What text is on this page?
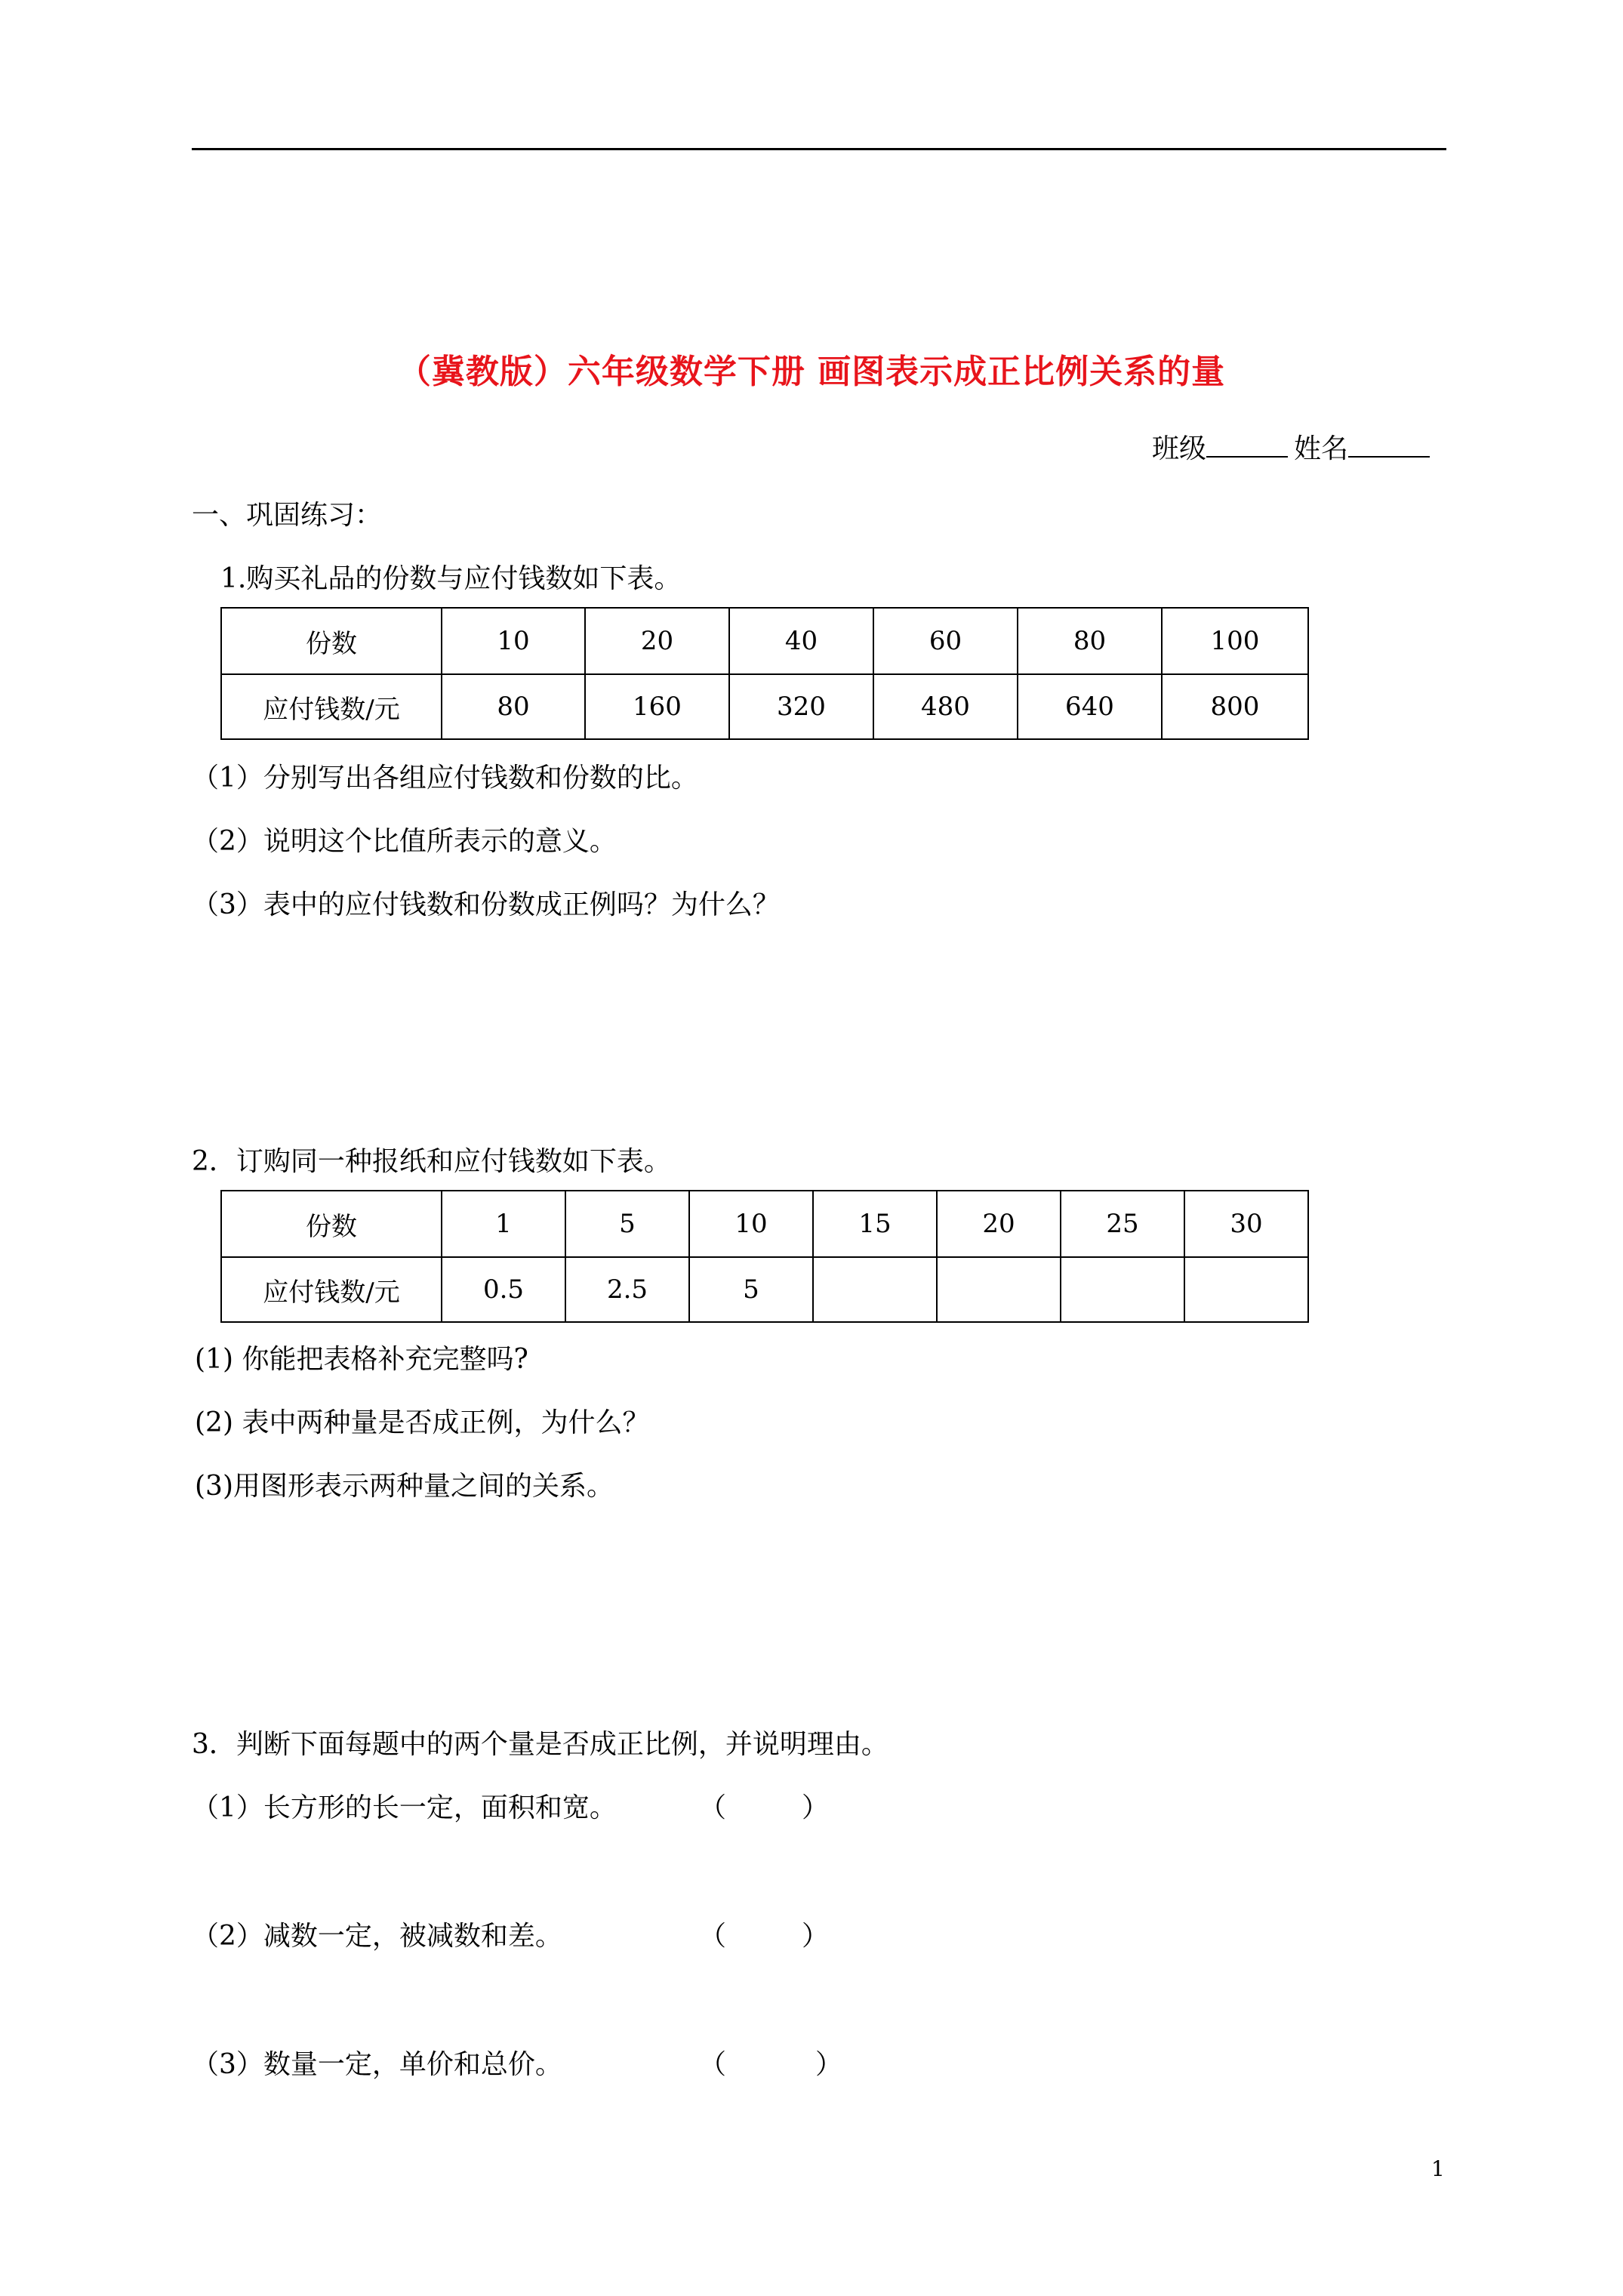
（冀教版）六年级数学下册 画图表示成正比例关系的量
班级	姓名
一、巩固练习：
1.购买礼品的份数与应付钱数如下表。
份数	10	20	40	60	80	100
应付钱数/元	80	160	320	480	640	800
（1）分别写出各组应付钱数和份数的比。
（2）说明这个比值所表示的意义。
（3）表中的应付钱数和份数成正例吗？为什么？
2．订购同一种报纸和应付钱数如下表。
份数	1	5	10	15	20	25	30
应付钱数/元	0.5	2.5	5				
(1) 你能把表格补充完整吗?
(2) 表中两种量是否成正例，为什么？
(3)用图形表示两种量之间的关系。
3．判断下面每题中的两个量是否成正比例，并说明理由。
（1）长方形的长一定，面积和宽。	（	）
（2）减数一定，被减数和差。	（	）
（3）数量一定，单价和总价。	（	）
1
